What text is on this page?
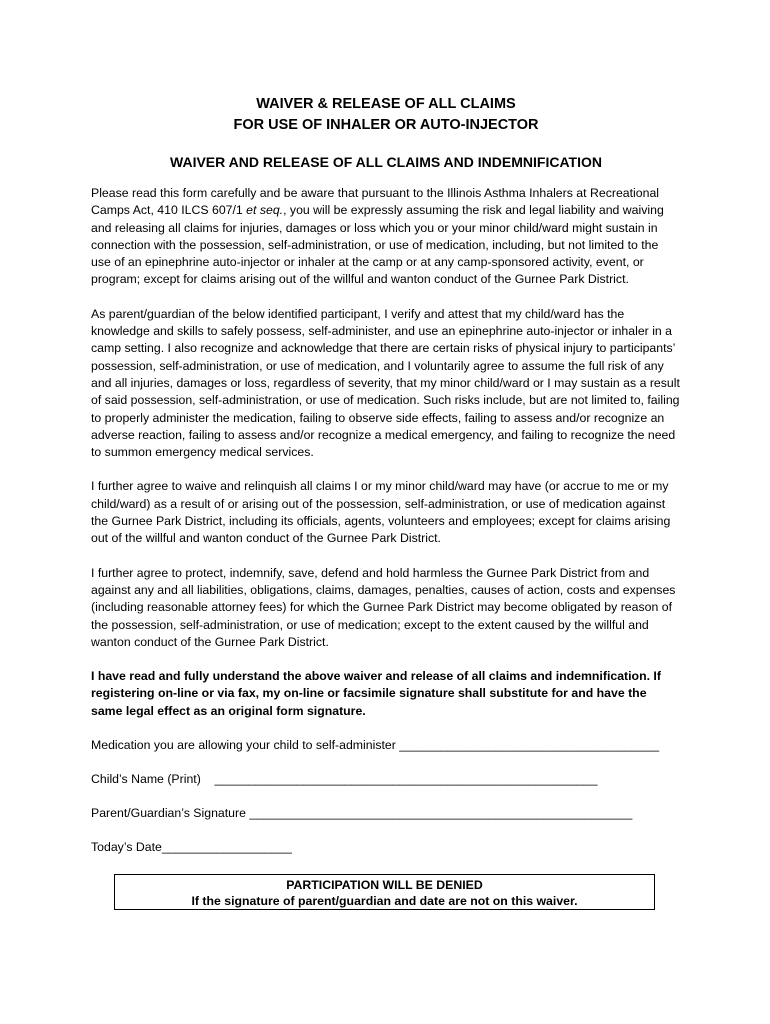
WAIVER & RELEASE OF ALL CLAIMS
FOR USE OF INHALER OR AUTO-INJECTOR
WAIVER AND RELEASE OF ALL CLAIMS AND INDEMNIFICATION

Please read this form carefully and be aware that pursuant to the Illinois Asthma Inhalers at Recreational Camps Act, 410 ILCS 607/1 et seq., you will be expressly assuming the risk and legal liability and waiving and releasing all claims for injuries, damages or loss which you or your minor child/ward might sustain in connection with the possession, self-administration, or use of medication, including, but not limited to the use of an epinephrine auto-injector or inhaler at the camp or at any camp-sponsored activity, event, or program; except for claims arising out of the willful and wanton conduct of the Gurnee Park District.

As parent/guardian of the below identified participant, I verify and attest that my child/ward has the knowledge and skills to safely possess, self-administer, and use an epinephrine auto-injector or inhaler in a camp setting. I also recognize and acknowledge that there are certain risks of physical injury to participants’ possession, self-administration, or use of medication, and I voluntarily agree to assume the full risk of any and all injuries, damages or loss, regardless of severity, that my minor child/ward or I may sustain as a result of said possession, self-administration, or use of medication. Such risks include, but are not limited to, failing to properly administer the medication, failing to observe side effects, failing to assess and/or recognize an adverse reaction, failing to assess and/or recognize a medical emergency, and failing to recognize the need to summon emergency medical services.

I further agree to waive and relinquish all claims I or my minor child/ward may have (or accrue to me or my child/ward) as a result of or arising out of the possession, self-administration, or use of medication against the Gurnee Park District, including its officials, agents, volunteers and employees; except for claims arising out of the willful and wanton conduct of the Gurnee Park District.

I further agree to protect, indemnify, save, defend and hold harmless the Gurnee Park District from and against any and all liabilities, obligations, claims, damages, penalties, causes of action, costs and expenses (including reasonable attorney fees) for which the Gurnee Park District may become obligated by reason of the possession, self-administration, or use of medication; except to the extent caused by the willful and wanton conduct of the Gurnee Park District.

I have read and fully understand the above waiver and release of all claims and indemnification. If registering on-line or via fax, my on-line or facsimile signature shall substitute for and have the same legal effect as an original form signature.

Medication you are allowing your child to self-administer ______________________________________
Child’s Name (Print) ________________________________________________________
Parent/Guardian’s Signature ________________________________________________________
Today’s Date___________________
PARTICIPATION WILL BE DENIED
If the signature of parent/guardian and date are not on this waiver.
